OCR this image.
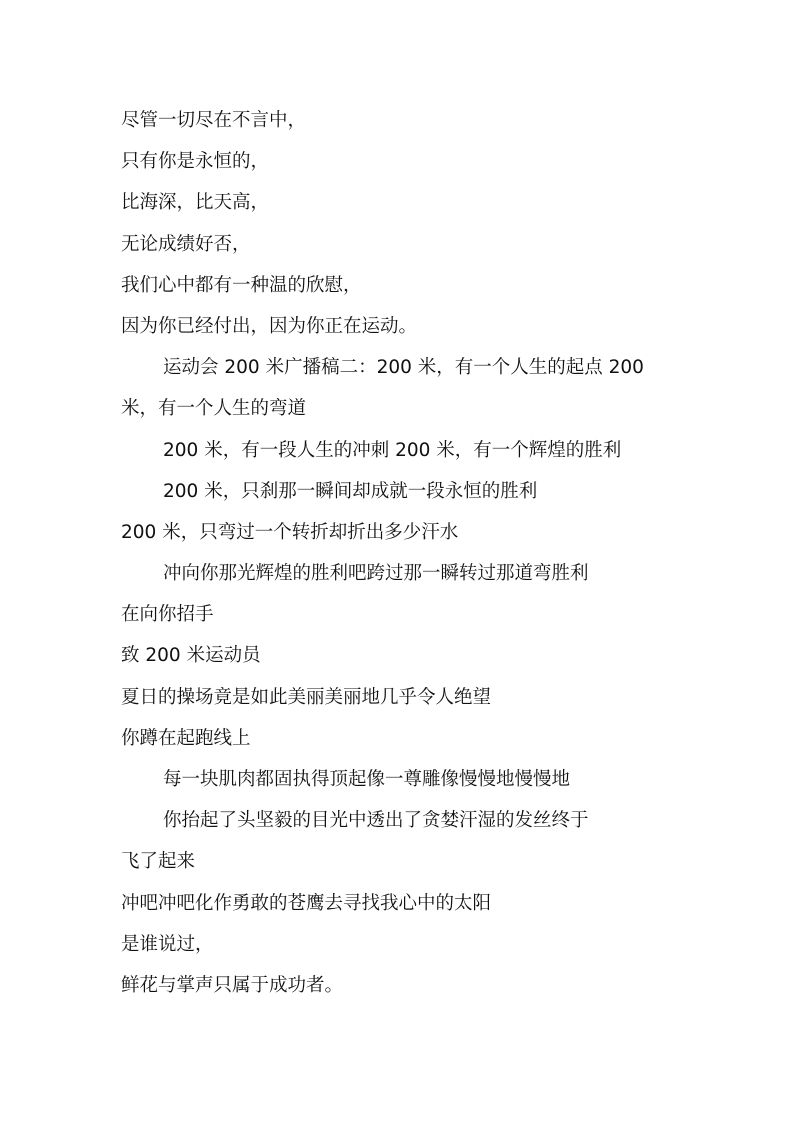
尽管一切尽在不言中，
只有你是永恒的，
比海深，比天高，
无论成绩好否，
我们心中都有一种温的欣慰，
因为你已经付出，因为你正在运动。
运动会 200 米广播稿二：200 米，有一个人生的起点 200
米，有一个人生的弯道
200 米，有一段人生的冲刺 200 米，有一个辉煌的胜利
200 米，只刹那一瞬间却成就一段永恒的胜利
200 米，只弯过一个转折却折出多少汗水
冲向你那光辉煌的胜利吧跨过那一瞬转过那道弯胜利
在向你招手
致 200 米运动员
夏日的操场竟是如此美丽美丽地几乎令人绝望
你蹲在起跑线上
每一块肌肉都固执得顶起像一尊雕像慢慢地慢慢地
你抬起了头坚毅的目光中透出了贪婪汗湿的发丝终于
飞了起来
冲吧冲吧化作勇敢的苍鹰去寻找我心中的太阳
是谁说过，
鲜花与掌声只属于成功者。
